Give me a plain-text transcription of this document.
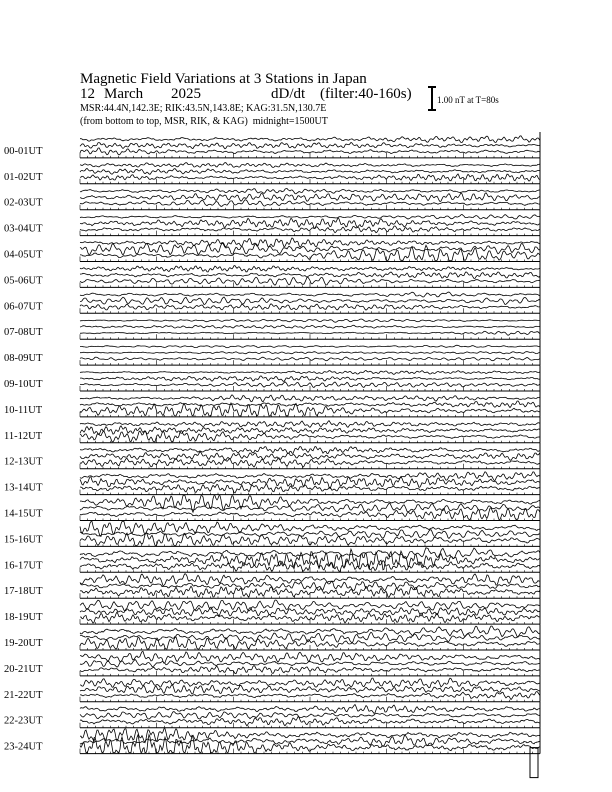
Magnetic Field Variations at 3 Stations in Japan
12 March 2025	dD/dt (filter:40-160s)
MSR:44.4N,142.3E; RIK:43.5N,143.8E; KAG:31.5N,130.7E
(from bottom to top, MSR, RIK, & KAG) midnight=1500UT
1.00 nT at T=80s
00-01UT
01-02UT
02-03UT
03-04UT
04-05UT
05-06UT
06-07UT
07-08UT
08-09UT
09-10UT
10-11UT
11-12UT
12-13UT
13-14UT
14-15UT
15-16UT
16-17UT
17-18UT
18-19UT
19-20UT
20-21UT
21-22UT
22-23UT
23-24UT
